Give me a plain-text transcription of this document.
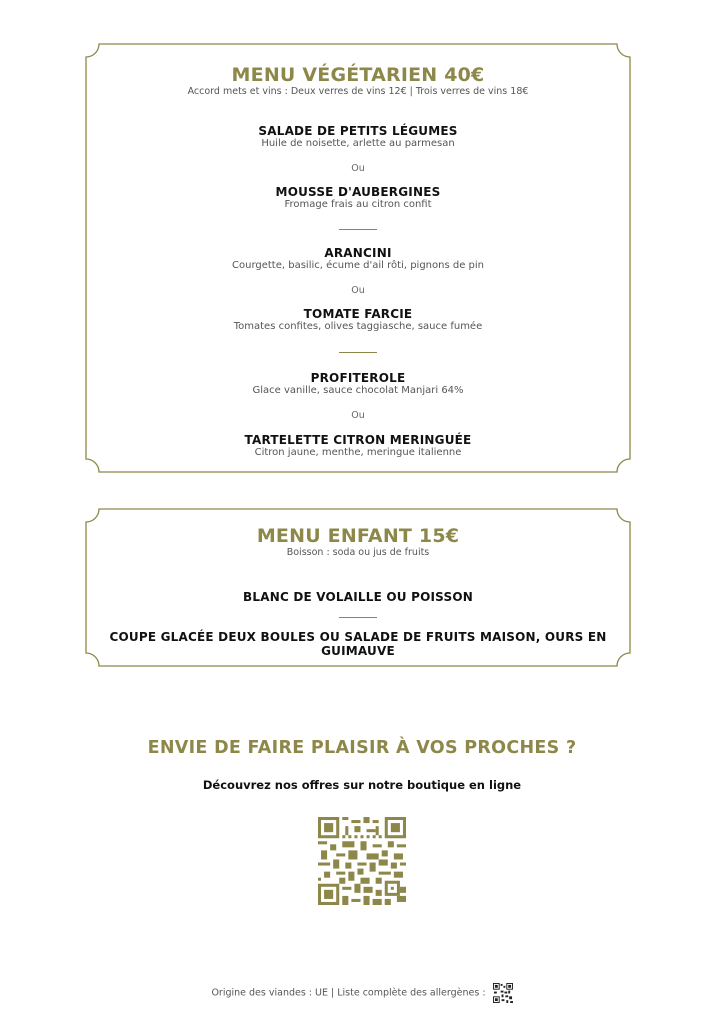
MENU VÉGÉTARIEN 40€

Accord mets et vins : Deux verres de vins 12€ | Trois verres de vins 18€

SALADE DE PETITS LÉGUMES

Huile de noisette, arlette au parmesan

Ou

MOUSSE D'AUBERGINES

Fromage frais au citron confit

ARANCINI

Courgette, basilic, écume d'ail rôti, pignons de pin

Ou

TOMATE FARCIE

Tomates confites, olives taggiasche, sauce fumée

PROFITEROLE

Glace vanille, sauce chocolat Manjari 64%

Ou

TARTELETTE CITRON MERINGUÉE

Citron jaune, menthe, meringue italienne

MENU ENFANT 15€

Boisson : soda ou jus de fruits

BLANC DE VOLAILLE OU POISSON

COUPE GLACÉE DEUX BOULES OU SALADE DE FRUITS MAISON, OURS EN GUIMAUVE

ENVIE DE FAIRE PLAISIR À VOS PROCHES ?
Découvrez nos offres sur notre boutique en ligne
Origine des viandes : UE | Liste complète des allergènes :
